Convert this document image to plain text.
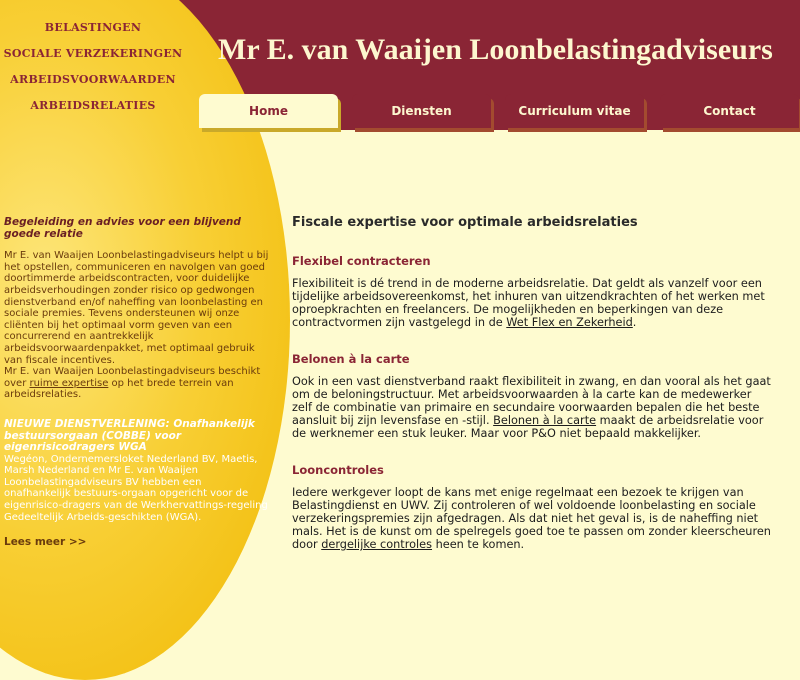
BELASTINGEN
SOCIALE VERZEKERINGEN
ARBEIDSVOORWAARDEN
ARBEIDSRELATIES
Mr E. van Waaijen Loonbelastingadviseurs
Home	Diensten	Curriculum vitae	Contact
Begeleiding en advies voor een blijvend goede relatie

Mr E. van Waaijen Loonbelastingadviseurs helpt u bij het opstellen, communiceren en navolgen van goed doortimmerde arbeidscontracten, voor duidelijke arbeidsverhoudingen zonder risico op gedwongen dienstverband en/of naheffing van loonbelasting en sociale premies. Tevens ondersteunen wij onze cliënten bij het optimaal vorm geven van een concurrerend en aantrekkelijk arbeidsvoorwaardenpakket, met optimaal gebruik van fiscale incentives.

Mr E. van Waaijen Loonbelastingadviseurs beschikt over ruime expertise op het brede terrein van arbeidsrelaties.

NIEUWE DIENSTVERLENING: Onafhankelijk bestuursorgaan (COBBE) voor eigenrisicodragers WGA

Wegéon, Ondernemersloket Nederland BV, Maetis, Marsh Nederland en Mr E. van Waaijen Loonbelastingadviseurs BV hebben een onafhankelijk bestuurs-orgaan opgericht voor de eigenrisico-dragers van de Werkhervattings-regeling Gedeeltelijk Arbeids-geschikten (WGA).

Lees meer >>
Fiscale expertise voor optimale arbeidsrelaties
Flexibel contracteren

Flexibiliteit is dé trend in de moderne arbeidsrelatie. Dat geldt als vanzelf voor een tijdelijke arbeidsovereenkomst, het inhuren van uitzendkrachten of het werken met oproepkrachten en freelancers. De mogelijkheden en beperkingen van deze contractvormen zijn vastgelegd in de Wet Flex en Zekerheid.

Belonen à la carte

Ook in een vast dienstverband raakt flexibiliteit in zwang, en dan vooral als het gaat om de beloningstructuur. Met arbeidsvoorwaarden à la carte kan de medewerker zelf de combinatie van primaire en secundaire voorwaarden bepalen die het beste aansluit bij zijn levensfase en -stijl. Belonen à la carte maakt de arbeidsrelatie voor de werknemer een stuk leuker. Maar voor P&O niet bepaald makkelijker.

Looncontroles

Iedere werkgever loopt de kans met enige regelmaat een bezoek te krijgen van Belastingdienst en UWV. Zij controleren of wel voldoende loonbelasting en sociale verzekeringspremies zijn afgedragen. Als dat niet het geval is, is de naheffing niet mals. Het is de kunst om de spelregels goed toe te passen om zonder kleerscheuren door dergelijke controles heen te komen.
